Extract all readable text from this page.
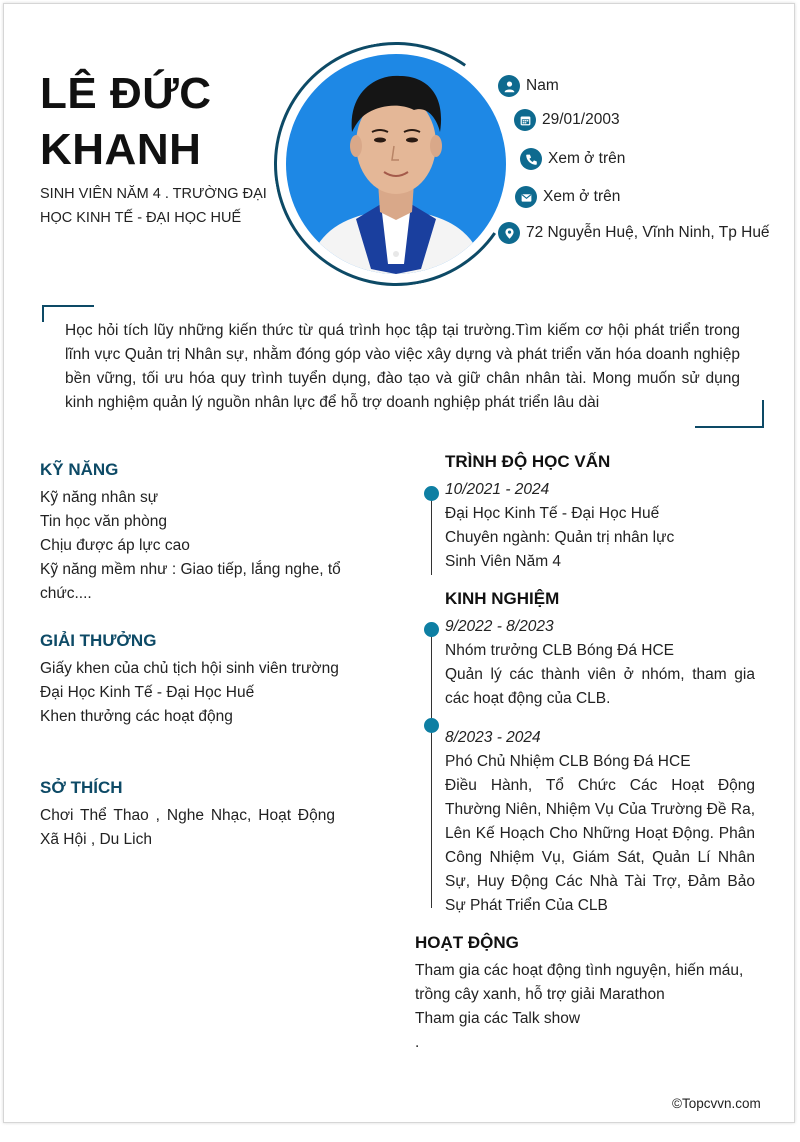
LÊ ĐỨC
KHANH
SINH VIÊN NĂM 4 . TRƯỜNG ĐẠI
HỌC KINH TẾ - ĐẠI HỌC HUẾ
Nam
29/01/2003
Xem ở trên
Xem ở trên
72 Nguyễn Huệ, Vĩnh Ninh, Tp Huế
Học hỏi tích lũy những kiến thức từ quá trình học tập tại trường.Tìm kiếm cơ hội phát triển trong lĩnh vực Quản trị Nhân sự, nhằm đóng góp vào việc xây dựng và phát triển văn hóa doanh nghiệp bền vững, tối ưu hóa quy trình tuyển dụng, đào tạo và giữ chân nhân tài. Mong muốn sử dụng kinh nghiệm quản lý nguồn nhân lực để hỗ trợ doanh nghiệp phát triển lâu dài
KỸ NĂNG
Kỹ năng nhân sự
Tin học văn phòng
Chịu được áp lực cao
Kỹ năng mềm như : Giao tiếp, lắng nghe, tổ chức....
GIẢI THƯỞNG
Giấy khen của chủ tịch hội sinh viên trường
Đại Học Kinh Tế - Đại Học Huế
Khen thưởng các hoạt động
SỞ THÍCH
Chơi Thể Thao , Nghe Nhạc, Hoạt Động Xã Hội , Du Lich
TRÌNH ĐỘ HỌC VẤN
10/2021 - 2024
Đại Học Kinh Tế - Đại Học Huế
Chuyên ngành: Quản trị nhân lực
Sinh Viên Năm 4
KINH NGHIỆM
9/2022 - 8/2023
Nhóm trưởng CLB Bóng Đá HCE
Quản lý các thành viên ở nhóm, tham gia các hoạt động của CLB.
8/2023 - 2024
Phó Chủ Nhiệm CLB Bóng Đá HCE
Điều Hành, Tổ Chức Các Hoạt Động Thường Niên, Nhiệm Vụ Của Trường Đề Ra, Lên Kế Hoạch Cho Những Hoạt Động. Phân Công Nhiệm Vụ, Giám Sát, Quản Lí Nhân Sự, Huy Động Các Nhà Tài Trợ, Đảm Bảo Sự Phát Triển Của CLB
HOẠT ĐỘNG
Tham gia các hoạt động tình nguyện, hiến máu, trồng cây xanh, hỗ trợ giải Marathon
Tham gia các Talk show
.
©Topcvvn.com
